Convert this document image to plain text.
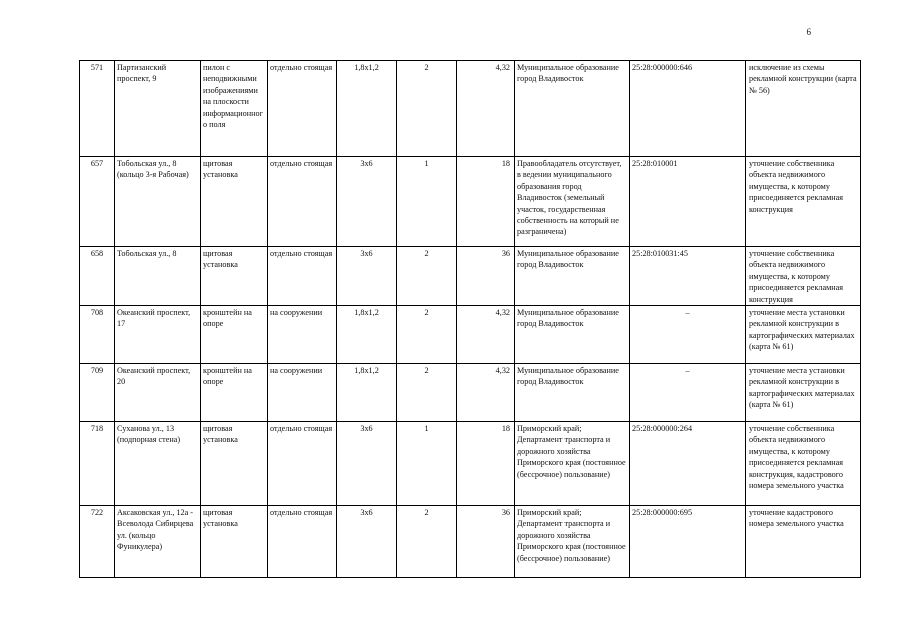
6
571	Партизанский проспект, 9	пилон с неподвижными изображениями на плоскости информационного поля	отдельно стоящая	1,8x1,2	2	4,32	Муниципальное образование город Владивосток	25:28:000000:646	исключение из схемы рекламной конструкции (карта № 56)
657	Тобольская ул., 8 (кольцо 3-я Рабочая)	щитовая установка	отдельно стоящая	3x6	1	18	Правообладатель отсутствует, в ведении муниципального образования город Владивосток (земельный участок, государственная собственность на который не разграничена)	25:28:010001	уточнение собственника объекта недвижимого имущества, к которому присоединяется рекламная конструкция
658	Тобольская ул., 8	щитовая установка	отдельно стоящая	3x6	2	36	Муниципальное образование город Владивосток	25:28:010031:45	уточнение собственника объекта недвижимого имущества, к которому присоединяется рекламная конструкция
708	Океанский проспект, 17	кронштейн на опоре	на сооружении	1,8x1,2	2	4,32	Муниципальное образование город Владивосток	–	уточнение места установки рекламной конструкции в картографических материалах (карта № 61)
709	Океанский проспект, 20	кронштейн на опоре	на сооружении	1,8x1,2	2	4,32	Муниципальное образование город Владивосток	–	уточнение места установки рекламной конструкции в картографических материалах (карта № 61)
718	Суханова ул., 13 (подпорная стена)	щитовая установка	отдельно стоящая	3x6	1	18	Приморский край; Департамент транспорта и дорожного хозяйства Приморского края (постоянное (бессрочное) пользование)	25:28:000000:264	уточнение собственника объекта недвижимого имущества, к которому присоединяется рекламная конструкция, кадастрового номера земельного участка
722	Аксаковская ул., 12а - Всеволода Сибирцева ул. (кольцо Фуникулера)	щитовая установка	отдельно стоящая	3x6	2	36	Приморский край; Департамент транспорта и дорожного хозяйства Приморского края (постоянное (бессрочное) пользование)	25:28:000000:695	уточнение кадастрового номера земельного участка
